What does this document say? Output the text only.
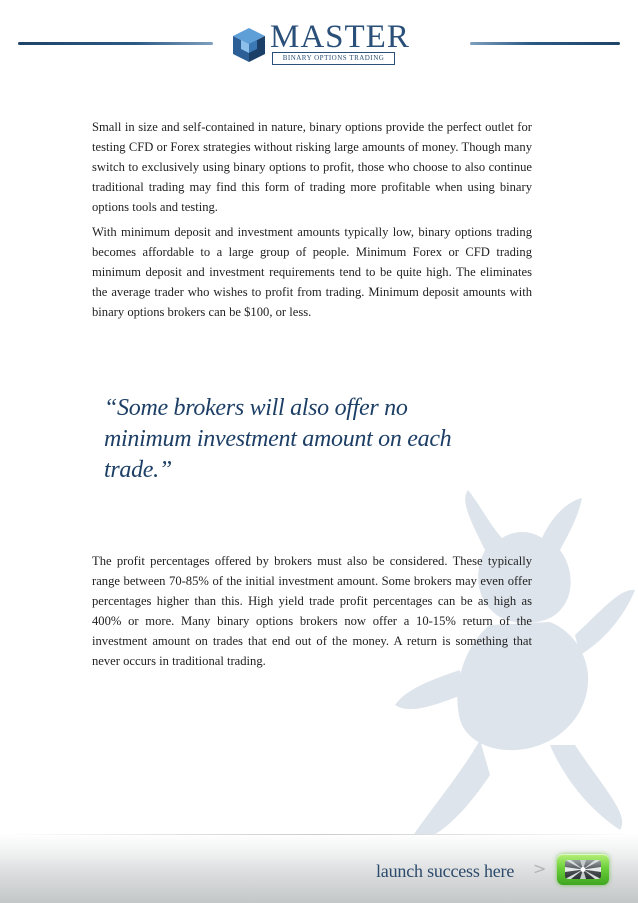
MASTER
BINARY OPTIONS TRADING

Small in size and self-contained in nature, binary options provide the perfect outlet for testing CFD or Forex strategies without risking large amounts of money. Though many switch to exclusively using binary options to profit, those who choose to also continue traditional trading may find this form of trading more profitable when using binary options tools and testing.

With minimum deposit and investment amounts typically low, binary options trading becomes affordable to a large group of people. Minimum Forex or CFD trading minimum deposit and investment requirements tend to be quite high. The eliminates the average trader who wishes to profit from trading. Minimum deposit amounts with binary options brokers can be $100, or less.

“Some brokers will also offer no minimum investment amount on each trade.”

The profit percentages offered by brokers must also be considered. These typically range between 70-85% of the initial investment amount. Some brokers may even offer percentages higher than this. High yield trade profit percentages can be as high as 400% or more. Many binary options brokers now offer a 10-15% return of the investment amount on trades that end out of the money. A return is something that never occurs in traditional trading.

launch success here >
